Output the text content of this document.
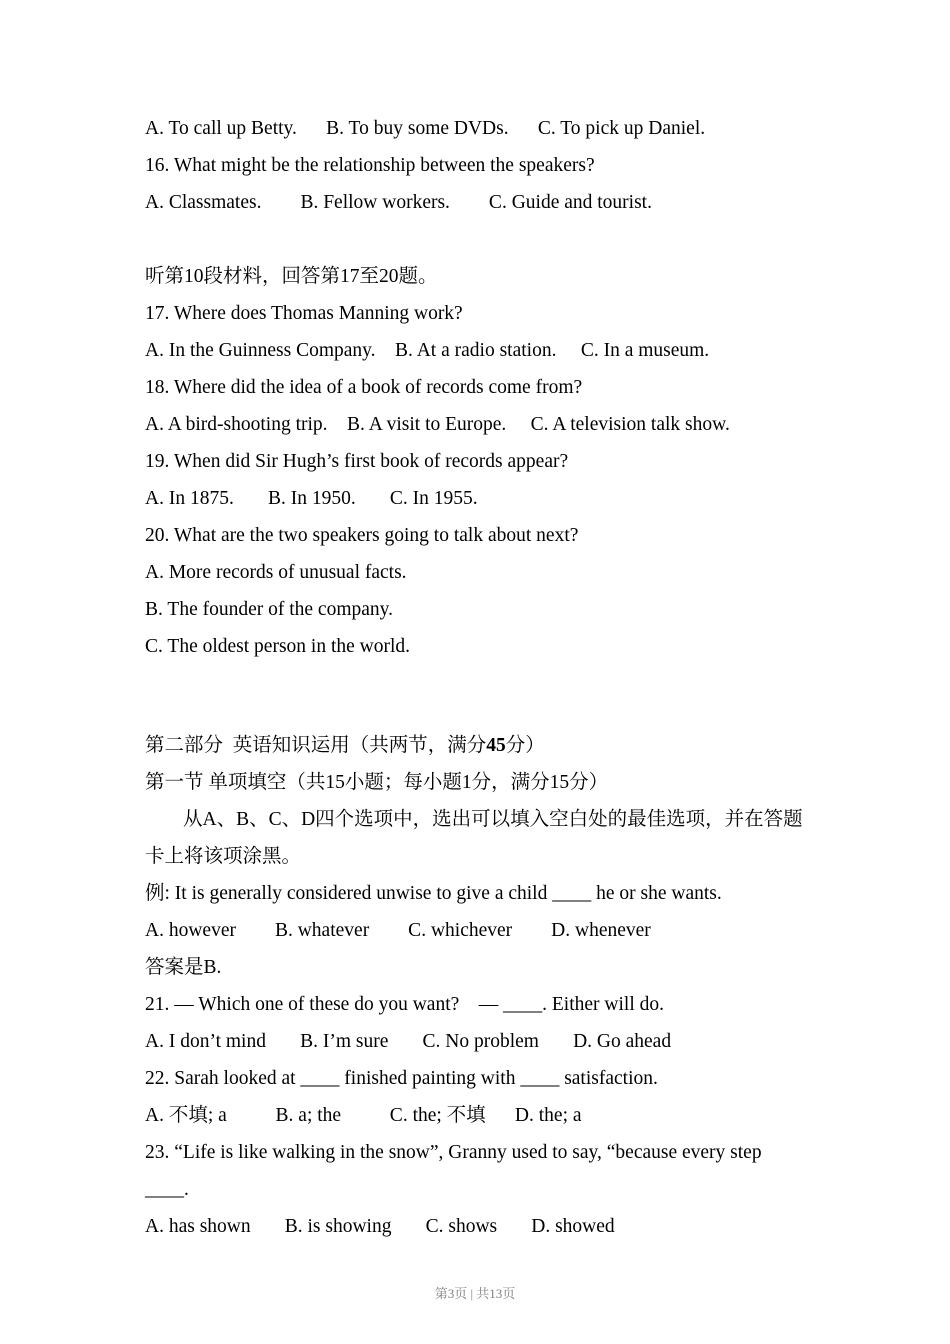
A. To call up Betty.      B. To buy some DVDs.      C. To pick up Daniel.
16. What might be the relationship between the speakers?
A. Classmates.        B. Fellow workers.        C. Guide and tourist.
听第10段材料，回答第17至20题。
17. Where does Thomas Manning work?
A. In the Guinness Company.    B. At a radio station.     C. In a museum.
18. Where did the idea of a book of records come from?
A. A bird-shooting trip.    B. A visit to Europe.     C. A television talk show.
19. When did Sir Hugh’s first book of records appear?
A. In 1875.       B. In 1950.       C. In 1955.
20. What are the two speakers going to talk about next?
A. More records of unusual facts.
B. The founder of the company.
C. The oldest person in the world.
第二部分  英语知识运用（共两节，满分45分）
第一节 单项填空（共15小题；每小题1分，满分15分）
从A、B、C、D四个选项中，选出可以填入空白处的最佳选项，并在答题
卡上将该项涂黑。
例: It is generally considered unwise to give a child ____ he or she wants.
A. however        B. whatever        C. whichever        D. whenever
答案是B.
21. — Which one of these do you want?    — ____. Either will do.
A. I don’t mind       B. I’m sure       C. No problem       D. Go ahead
22. Sarah looked at ____ finished painting with ____ satisfaction.
A. 不填; a          B. a; the          C. the; 不填      D. the; a
23. “Life is like walking in the snow”, Granny used to say, “because every step
____.
A. has shown       B. is showing       C. shows       D. showed
第3页 | 共13页
